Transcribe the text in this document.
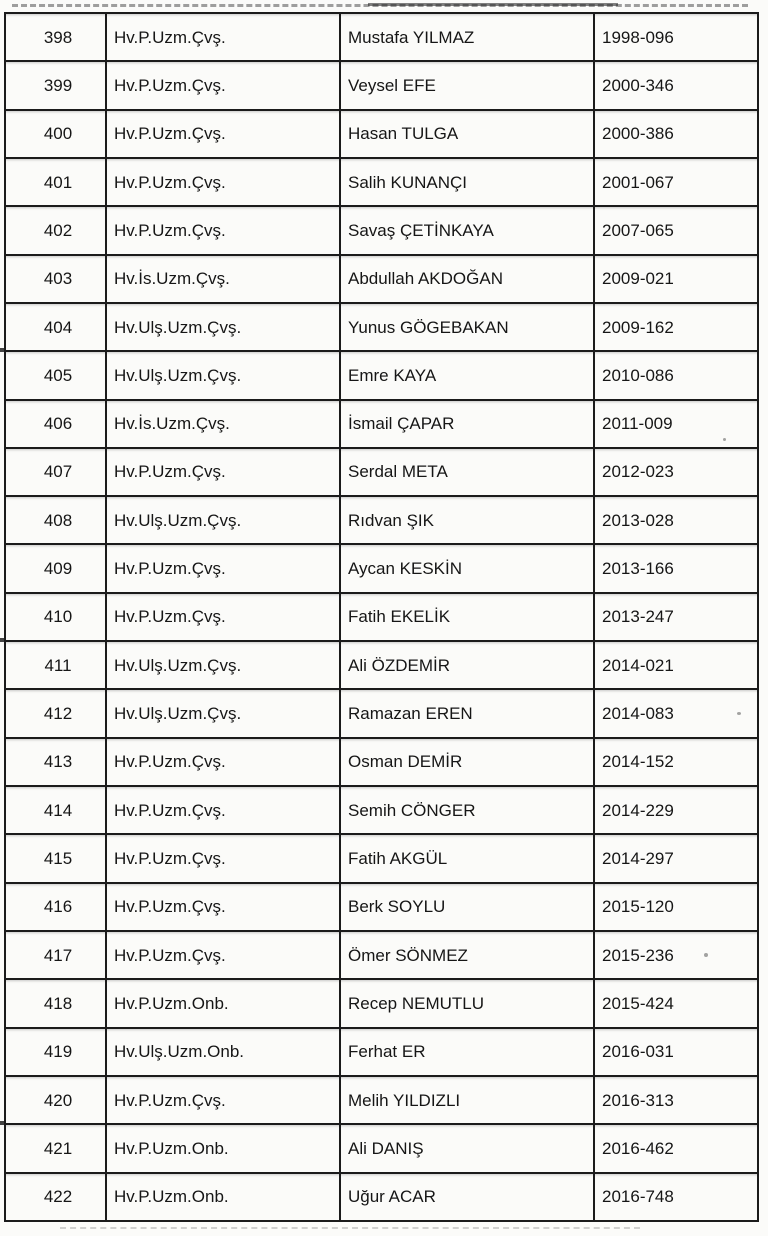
398	Hv.P.Uzm.Çvş.	Mustafa YILMAZ	1998-096
399	Hv.P.Uzm.Çvş.	Veysel EFE	2000-346
400	Hv.P.Uzm.Çvş.	Hasan TULGA	2000-386
401	Hv.P.Uzm.Çvş.	Salih KUNANÇI	2001-067
402	Hv.P.Uzm.Çvş.	Savaş ÇETİNKAYA	2007-065
403	Hv.İs.Uzm.Çvş.	Abdullah AKDOĞAN	2009-021
404	Hv.Ulş.Uzm.Çvş.	Yunus GÖGEBAKAN	2009-162
405	Hv.Ulş.Uzm.Çvş.	Emre KAYA	2010-086
406	Hv.İs.Uzm.Çvş.	İsmail ÇAPAR	2011-009
407	Hv.P.Uzm.Çvş.	Serdal META	2012-023
408	Hv.Ulş.Uzm.Çvş.	Rıdvan ŞIK	2013-028
409	Hv.P.Uzm.Çvş.	Aycan KESKİN	2013-166
410	Hv.P.Uzm.Çvş.	Fatih EKELİK	2013-247
411	Hv.Ulş.Uzm.Çvş.	Ali ÖZDEMİR	2014-021
412	Hv.Ulş.Uzm.Çvş.	Ramazan EREN	2014-083
413	Hv.P.Uzm.Çvş.	Osman DEMİR	2014-152
414	Hv.P.Uzm.Çvş.	Semih CÖNGER	2014-229
415	Hv.P.Uzm.Çvş.	Fatih AKGÜL	2014-297
416	Hv.P.Uzm.Çvş.	Berk SOYLU	2015-120
417	Hv.P.Uzm.Çvş.	Ömer SÖNMEZ	2015-236
418	Hv.P.Uzm.Onb.	Recep NEMUTLU	2015-424
419	Hv.Ulş.Uzm.Onb.	Ferhat ER	2016-031
420	Hv.P.Uzm.Çvş.	Melih YILDIZLI	2016-313
421	Hv.P.Uzm.Onb.	Ali DANIŞ	2016-462
422	Hv.P.Uzm.Onb.	Uğur ACAR	2016-748
